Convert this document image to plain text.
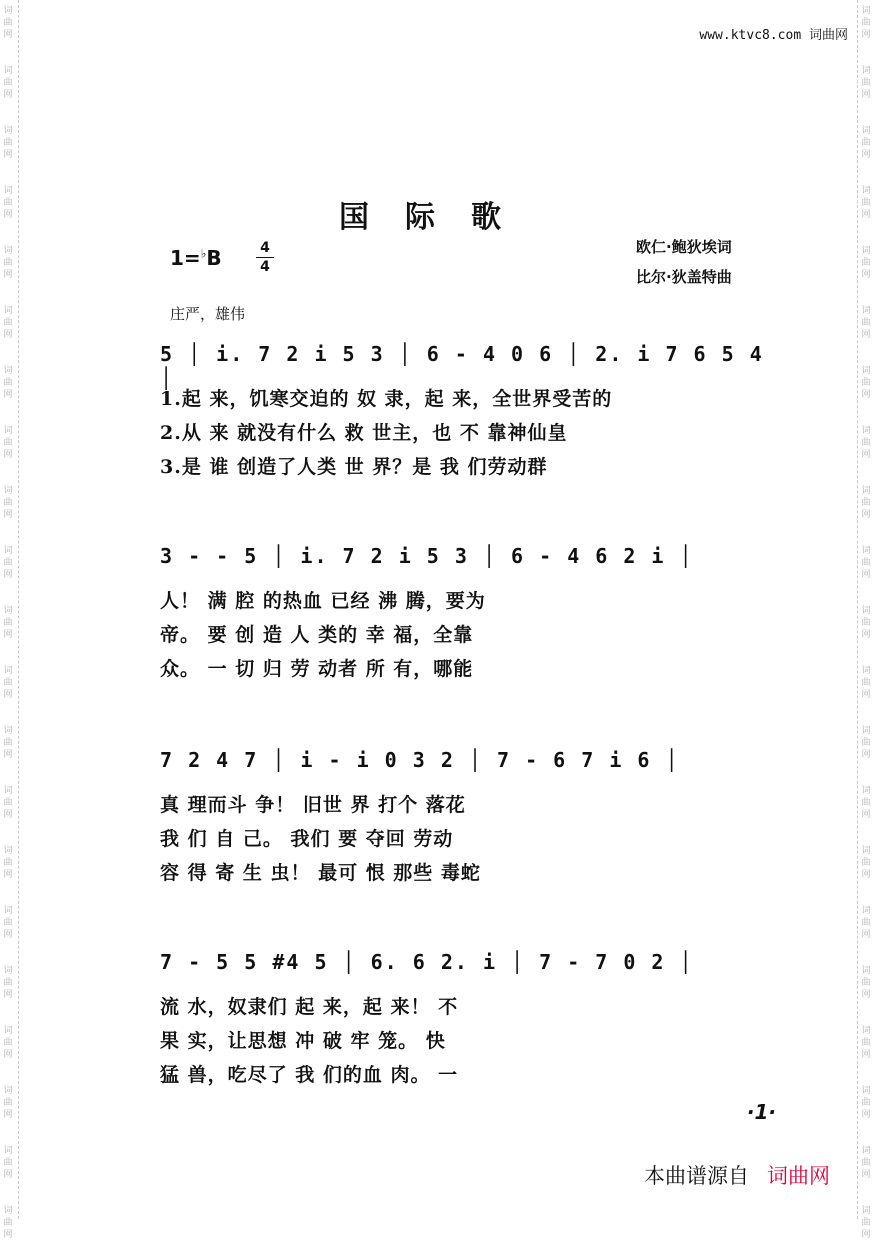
词
曲
网
词
曲
网
词
曲
网
词
曲
网
词
曲
网
词
曲
网
词
曲
网
词
曲
网
词
曲
网
词
曲
网
词
曲
网
词
曲
网
词
曲
网
词
曲
网
词
曲
网
词
曲
网
词
曲
网
词
曲
网
词
曲
网
词
曲
网
词
曲
网
词
曲
网
词
曲
网
词
曲
网
词
曲
网
词
曲
网
词
曲
网
词
曲
网
词
曲
网
词
曲
网
词
曲
网
词
曲
网
词
曲
网
词
曲
网
词
曲
网
词
曲
网
词
曲
网
词
曲
网
词
曲
网
词
曲
网
词
曲
网
词
曲
网
www.ktvc8.com 词曲网
国际歌
1=♭B	4
4
欧仁·鲍狄埃词
比尔·狄盖特曲
庄严，雄伟
5 │ i. 7 2 i 5 3 │ 6 - 4 0 6 │ 2. i 7 6 5 4 │
1.起 来，饥寒交迫的 奴 隶，起 来，全世界受苦的
2.从 来 就没有什么 救 世主，也 不 靠神仙皇
3.是 谁 创造了人类 世 界？是 我 们劳动群
3 - - 5 │ i. 7 2 i 5 3 │ 6 - 4 6 2 i │
人！ 满 腔 的热血 已经 沸 腾，要为
帝。 要 创 造 人 类的 幸 福，全靠
众。 一 切 归 劳 动者 所 有，哪能
7 2 4 7 │ i - i 0 3 2 │ 7 - 6 7 i 6 │
真 理而斗 争！ 旧世 界 打个 落花
我 们 自 己。 我们 要 夺回 劳动
容 得 寄 生 虫！ 最可 恨 那些 毒蛇
7 - 5 5 #4 5 │ 6. 6 2. i │ 7 - 7 0 2 │
流 水，奴隶们 起 来，起 来！ 不
果 实，让思想 冲 破 牢 笼。 快
猛 兽，吃尽了 我 们的血 肉。 一
·1·
本曲谱源自 词曲网
